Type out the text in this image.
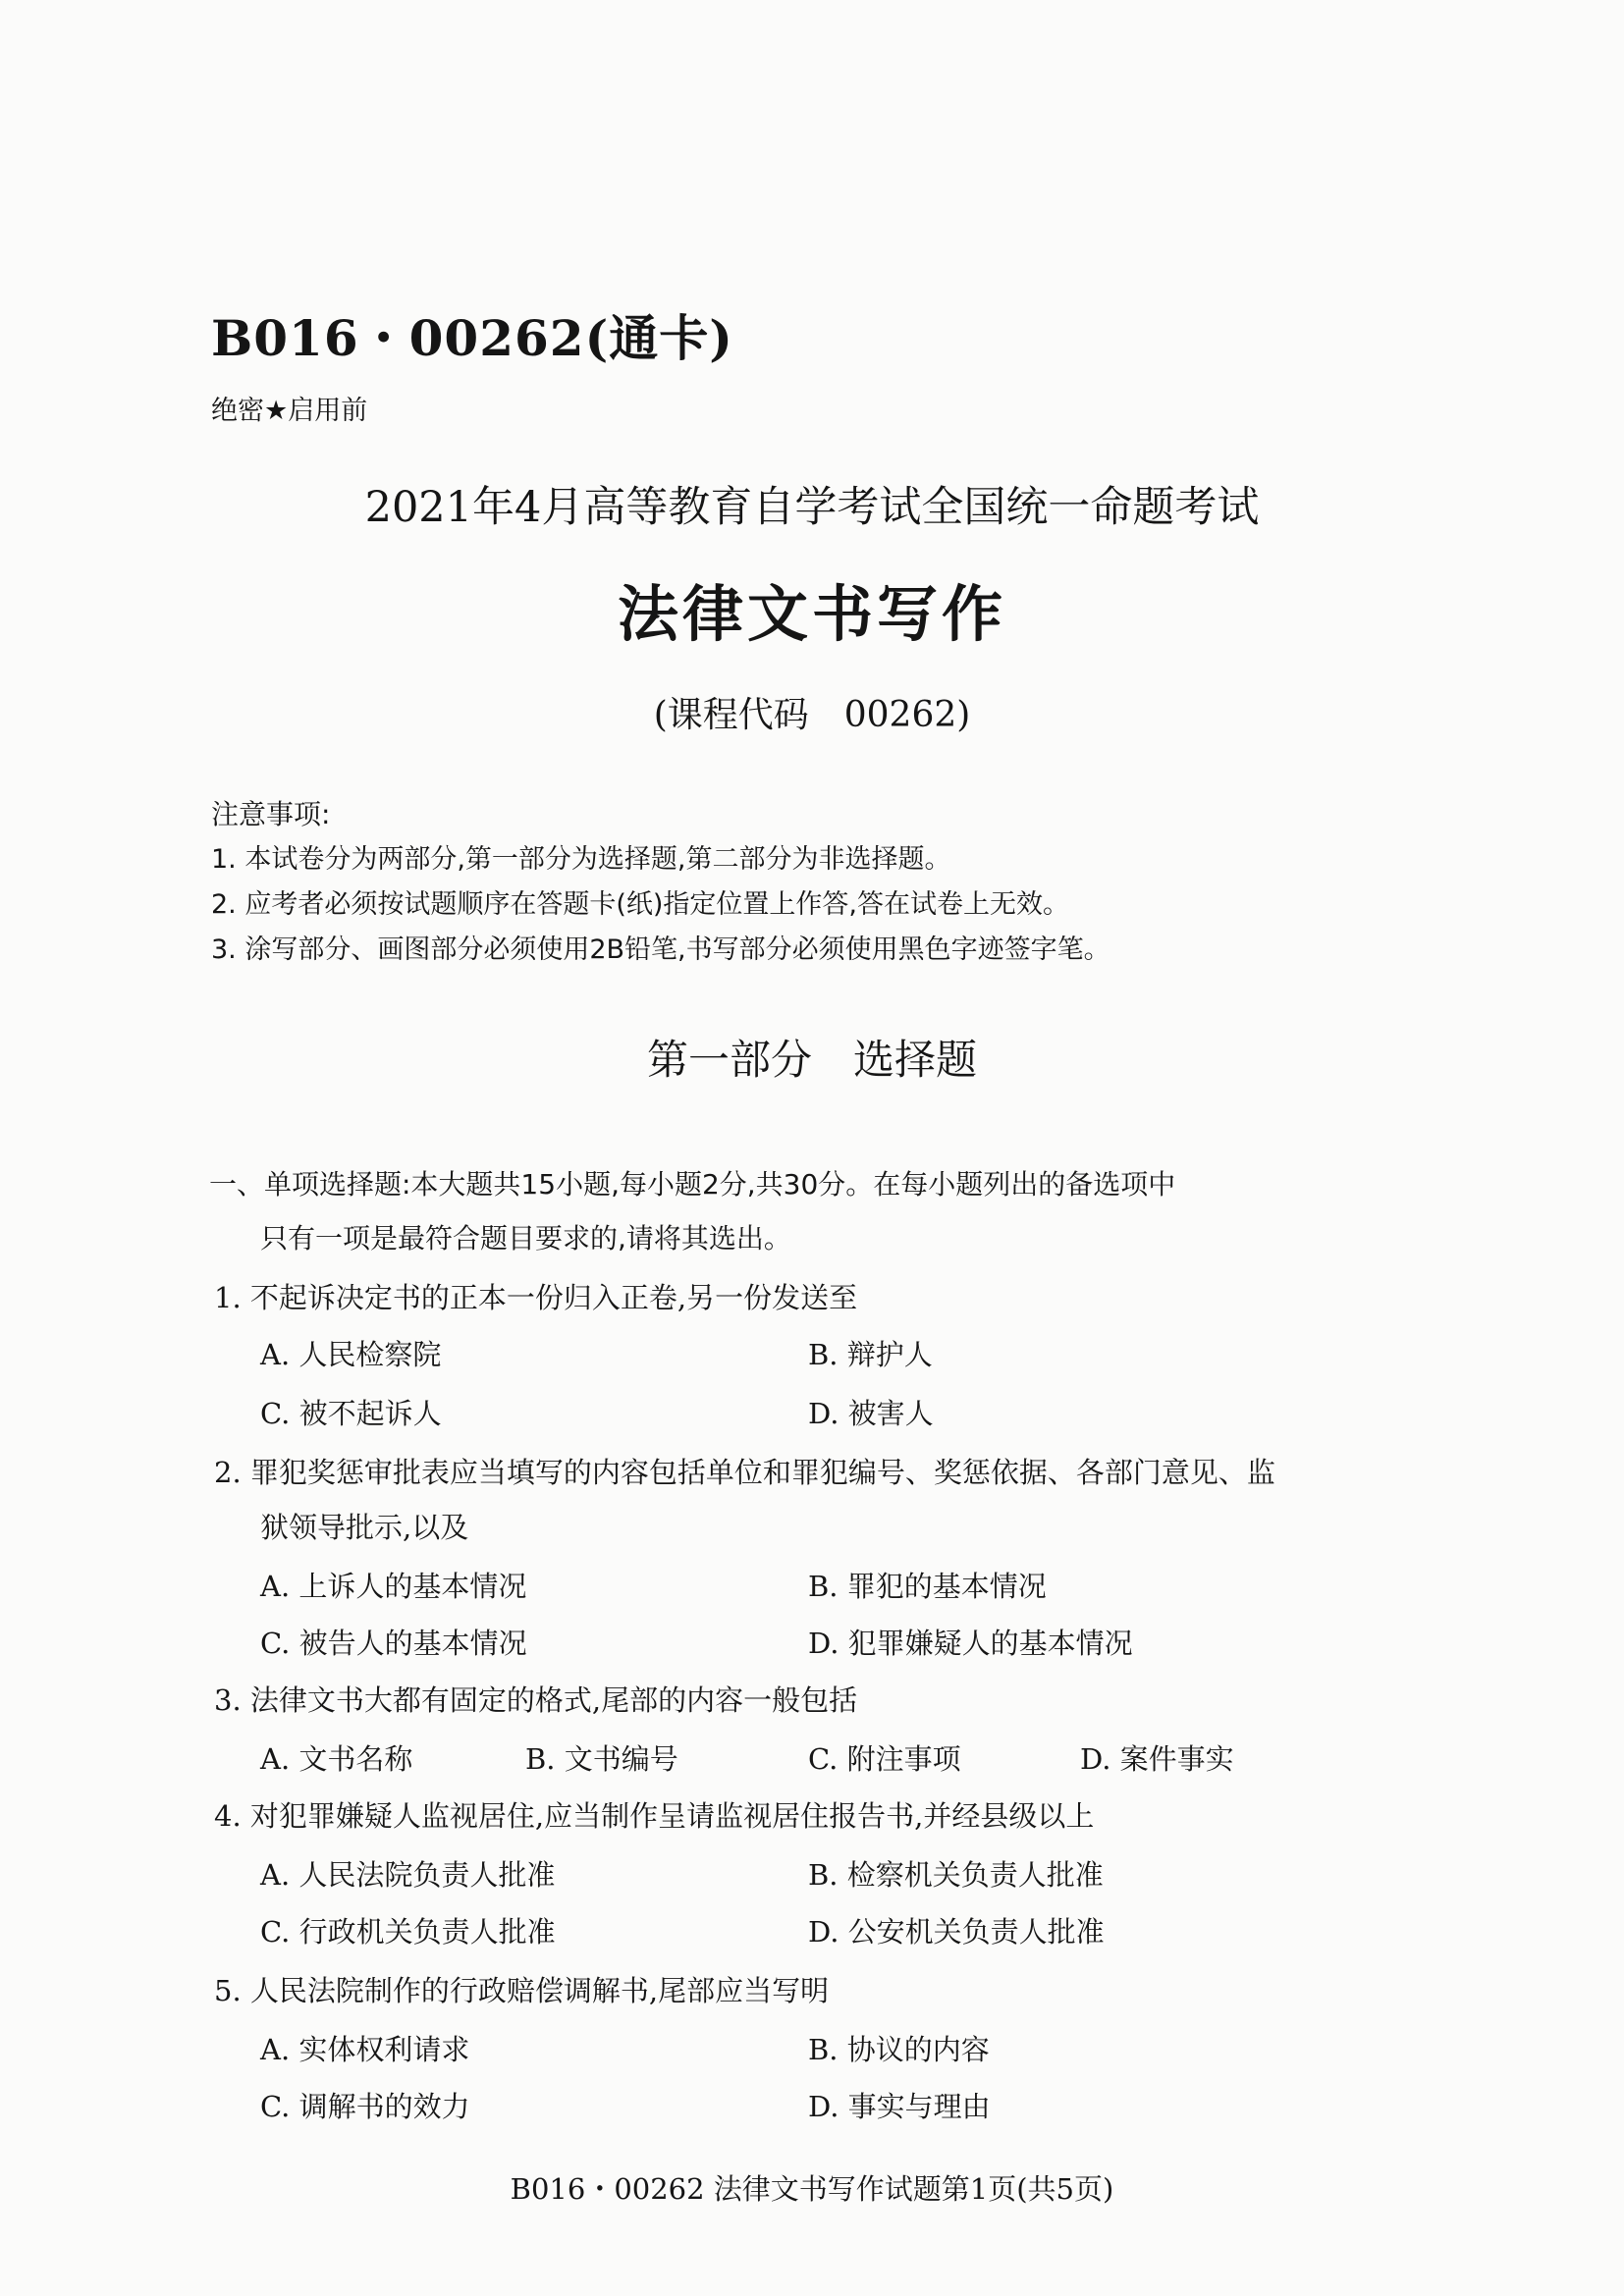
B016・00262(通卡)
绝密★启用前
2021年4月高等教育自学考试全国统一命题考试
法律文书写作
(课程代码　00262)
注意事项:
1. 本试卷分为两部分,第一部分为选择题,第二部分为非选择题。
2. 应考者必须按试题顺序在答题卡(纸)指定位置上作答,答在试卷上无效。
3. 涂写部分、画图部分必须使用2B铅笔,书写部分必须使用黑色字迹签字笔。
第一部分　选择题
一、单项选择题:本大题共15小题,每小题2分,共30分。在每小题列出的备选项中
只有一项是最符合题目要求的,请将其选出。
1. 不起诉决定书的正本一份归入正卷,另一份发送至
A. 人民检察院	B. 辩护人
C. 被不起诉人	D. 被害人
2. 罪犯奖惩审批表应当填写的内容包括单位和罪犯编号、奖惩依据、各部门意见、监
狱领导批示,以及
A. 上诉人的基本情况	B. 罪犯的基本情况
C. 被告人的基本情况	D. 犯罪嫌疑人的基本情况
3. 法律文书大都有固定的格式,尾部的内容一般包括
A. 文书名称	B. 文书编号	C. 附注事项	D. 案件事实
4. 对犯罪嫌疑人监视居住,应当制作呈请监视居住报告书,并经县级以上
A. 人民法院负责人批准	B. 检察机关负责人批准
C. 行政机关负责人批准	D. 公安机关负责人批准
5. 人民法院制作的行政赔偿调解书,尾部应当写明
A. 实体权利请求	B. 协议的内容
C. 调解书的效力	D. 事实与理由
B016・00262 法律文书写作试题第1页(共5页)
